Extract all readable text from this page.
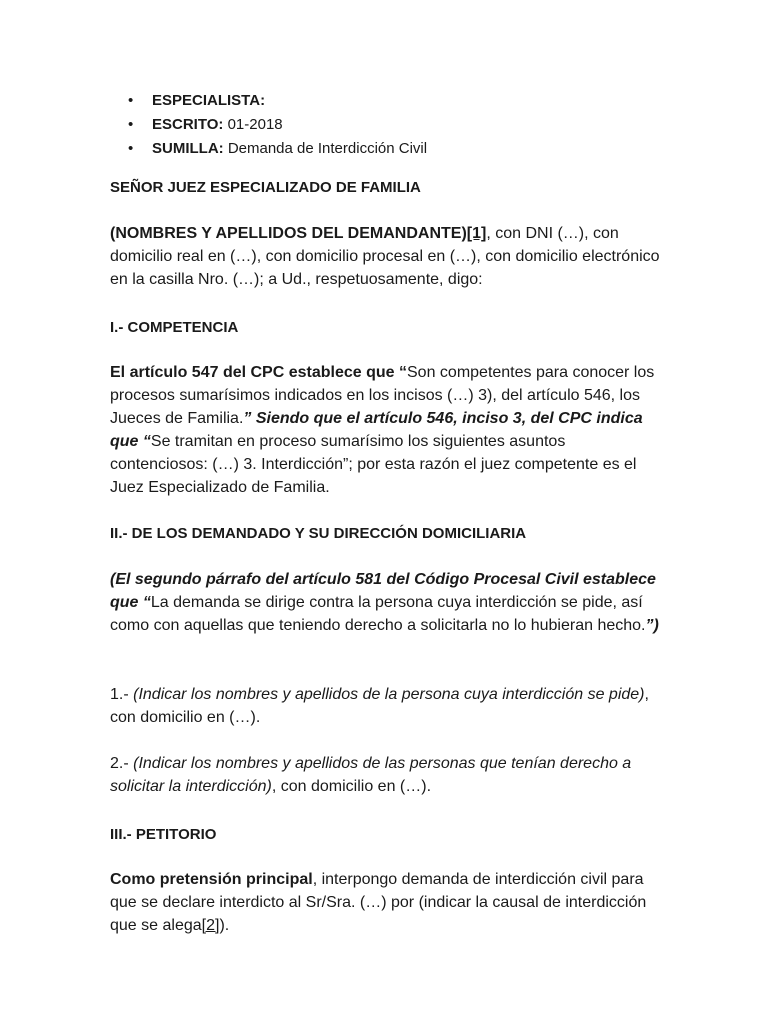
• ESPECIALISTA:
• ESCRITO: 01-2018
• SUMILLA: Demanda de Interdicción Civil
SEÑOR JUEZ ESPECIALIZADO DE FAMILIA
(NOMBRES Y APELLIDOS DEL DEMANDANTE)[1], con DNI (…), con domicilio real en (…), con domicilio procesal en (…), con domicilio electrónico en la casilla Nro. (…); a Ud., respetuosamente, digo:
I.- COMPETENCIA
El artículo 547 del CPC establece que “Son competentes para conocer los procesos sumarísimos indicados en los incisos (…) 3), del artículo 546, los Jueces de Familia.” Siendo que el artículo 546, inciso 3, del CPC indica que “Se tramitan en proceso sumarísimo los siguientes asuntos contenciosos: (…) 3. Interdicción”; por esta razón el juez competente es el Juez Especializado de Familia.
II.- DE LOS DEMANDADO Y SU DIRECCIÓN DOMICILIARIA
(El segundo párrafo del artículo 581 del Código Procesal Civil establece que “La demanda se dirige contra la persona cuya interdicción se pide, así como con aquellas que teniendo derecho a solicitarla no lo hubieran hecho.”)
1.- (Indicar los nombres y apellidos de la persona cuya interdicción se pide), con domicilio en (…).
2.- (Indicar los nombres y apellidos de las personas que tenían derecho a solicitar la interdicción), con domicilio en (…).
III.- PETITORIO
Como pretensión principal, interpongo demanda de interdicción civil para que se declare interdicto al Sr/Sra. (…) por (indicar la causal de interdicción que se alega[2]).
